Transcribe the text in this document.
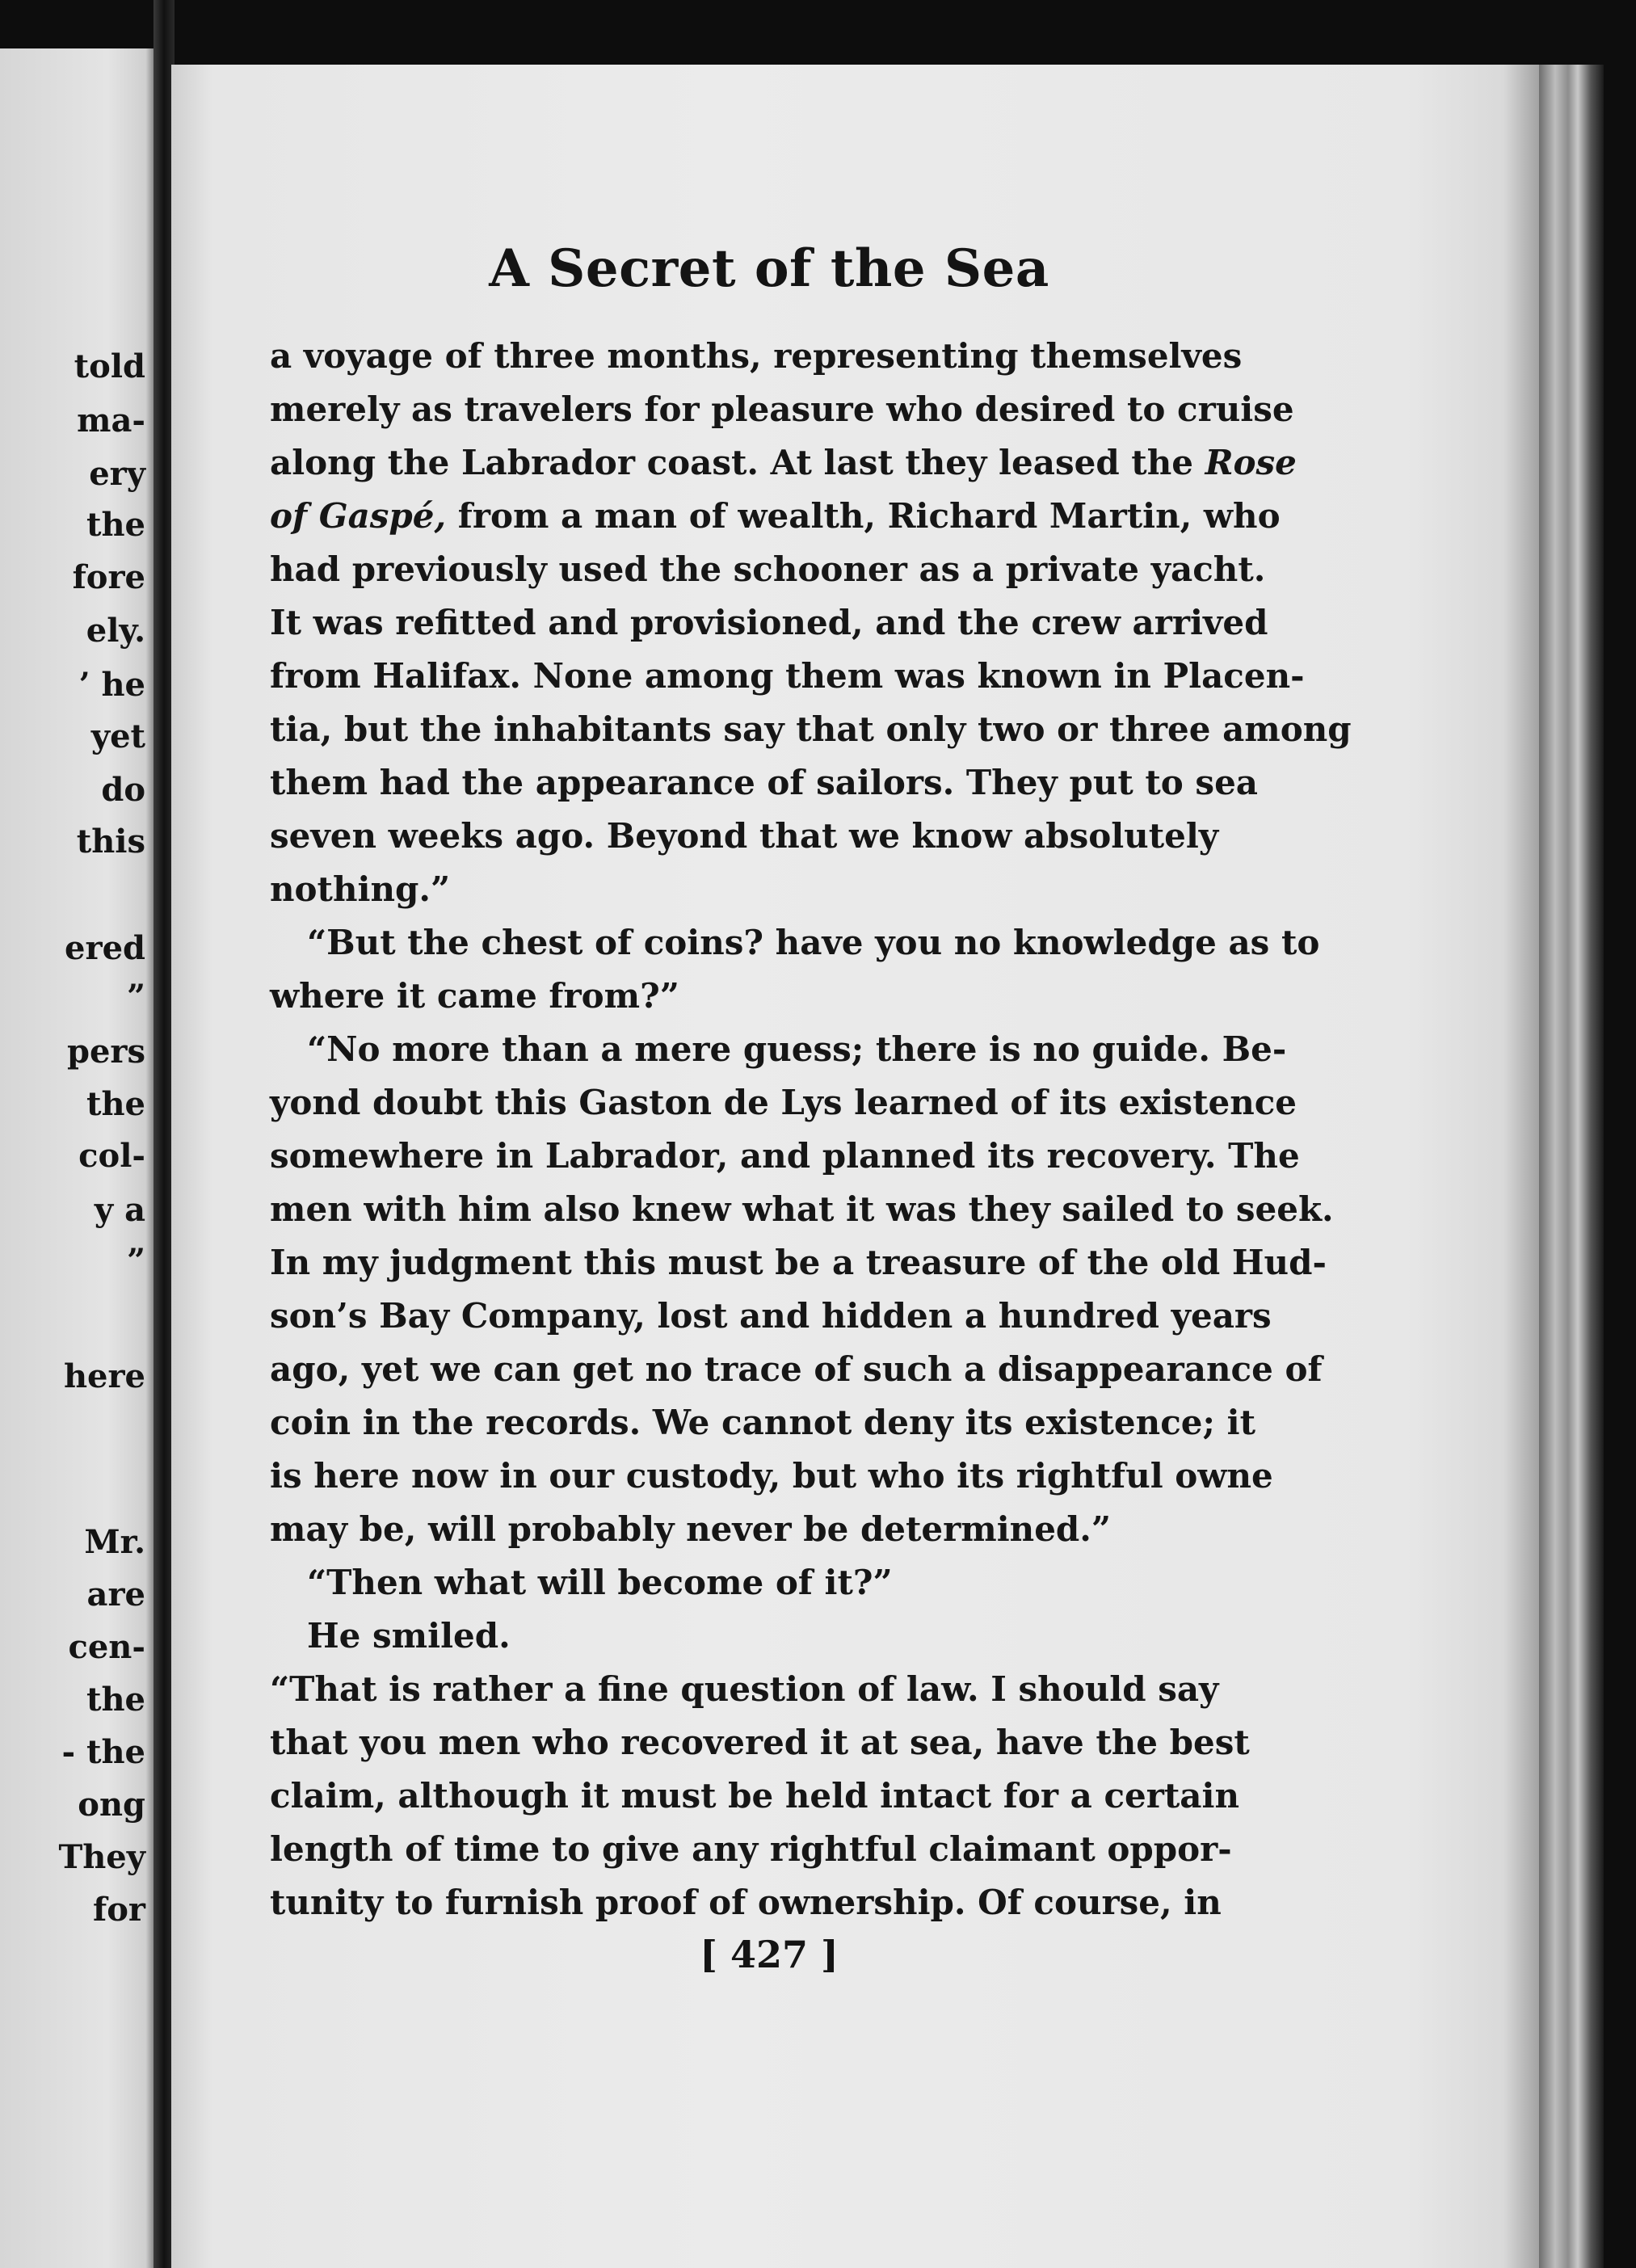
told
ma-
ery
the
fore
ely.
’ he
yet
do
this
ered
”
pers
the
col-
y a
”
here
Mr.
are
cen-
the
- the
ong
They
for
A Secret of the Sea
a voyage of three months, representing themselves
merely as travelers for pleasure who desired to cruise
along the Labrador coast. At last they leased the Rose
of Gaspé, from a man of wealth, Richard Martin, who
had previously used the schooner as a private yacht.
It was refitted and provisioned, and the crew arrived
from Halifax. None among them was known in Placen-
tia, but the inhabitants say that only two or three among
them had the appearance of sailors. They put to sea
seven weeks ago. Beyond that we know absolutely
nothing.”
“But the chest of coins? have you no knowledge as to
where it came from?”
“No more than a mere guess; there is no guide. Be-
yond doubt this Gaston de Lys learned of its existence
somewhere in Labrador, and planned its recovery. The
men with him also knew what it was they sailed to seek.
In my judgment this must be a treasure of the old Hud-
son’s Bay Company, lost and hidden a hundred years
ago, yet we can get no trace of such a disappearance of
coin in the records. We cannot deny its existence; it
is here now in our custody, but who its rightful owne
may be, will probably never be determined.”
“Then what will become of it?”
He smiled.
“That is rather a fine question of law. I should say
that you men who recovered it at sea, have the best
claim, although it must be held intact for a certain
length of time to give any rightful claimant oppor-
tunity to furnish proof of ownership. Of course, in
[ 427 ]
